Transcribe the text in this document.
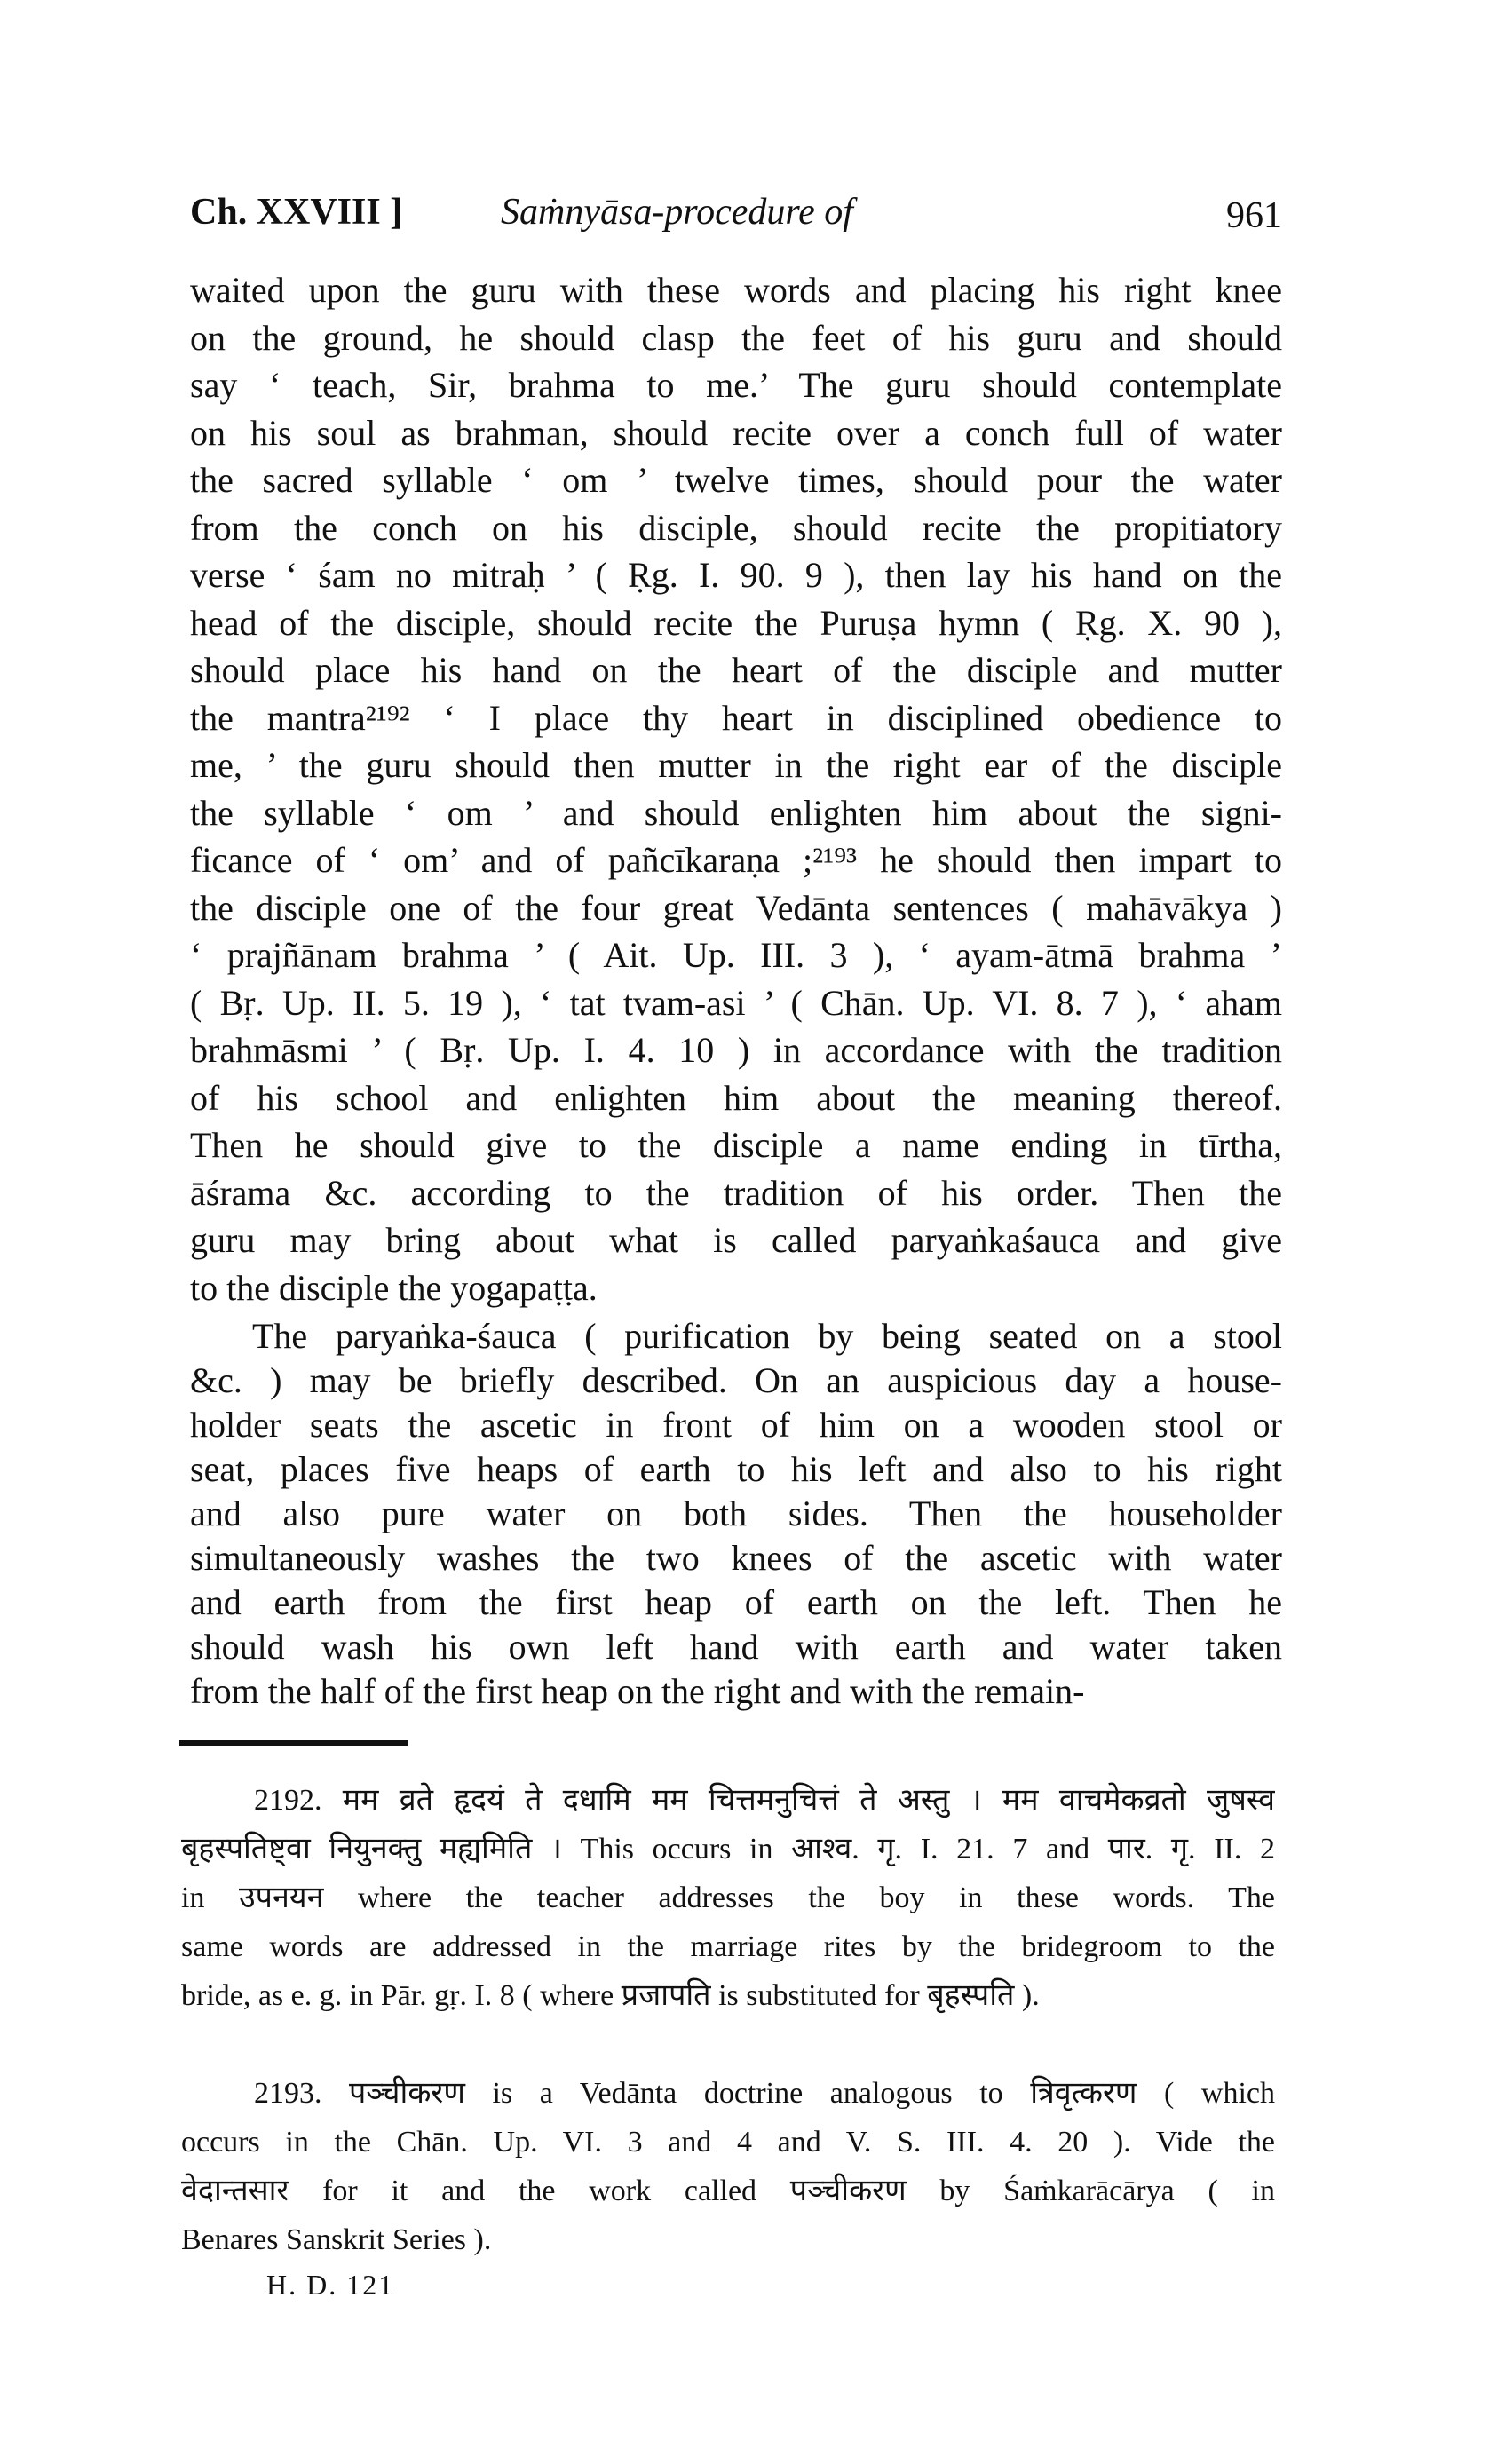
Ch. XXVIII ]	Saṁnyāsa-procedure of	961
waited upon the guru with these words and placing his right knee
on the ground, he should clasp the feet of his guru and should
say ‘ teach, Sir, brahma to me.’ The guru should contemplate
on his soul as brahman, should recite over a conch full of water
the sacred syllable ‘ om ’ twelve times, should pour the water
from the conch on his disciple, should recite the propitiatory
verse ‘ śam no mitraḥ ’ ( Ṛg. I. 90. 9 ), then lay his hand on the
head of the disciple, should recite the Puruṣa hymn ( Ṛg. X. 90 ),
should place his hand on the heart of the disciple and mutter
the mantra²¹⁹² ‘ I place thy heart in disciplined obedience to
me, ’ the guru should then mutter in the right ear of the disciple
the syllable ‘ om ’ and should enlighten him about the signi-
ficance of ‘ om’ and of pañcīkaraṇa ;²¹⁹³ he should then impart to
the disciple one of the four great Vedānta sentences ( mahāvākya )
‘ prajñānam brahma ’ ( Ait. Up. III. 3 ), ‘ ayam-ātmā brahma ’
( Bṛ. Up. II. 5. 19 ), ‘ tat tvam-asi ’ ( Chān. Up. VI. 8. 7 ), ‘ aham
brahmāsmi ’ ( Bṛ. Up. I. 4. 10 ) in accordance with the tradition
of his school and enlighten him about the meaning thereof.
Then he should give to the disciple a name ending in tīrtha,
āśrama &c. according to the tradition of his order. Then the
guru may bring about what is called paryaṅkaśauca and give
to the disciple the yogapaṭṭa.
The paryaṅka-śauca ( purification by being seated on a stool
&c. ) may be briefly described. On an auspicious day a house-
holder seats the ascetic in front of him on a wooden stool or
seat, places five heaps of earth to his left and also to his right
and also pure water on both sides. Then the householder
simultaneously washes the two knees of the ascetic with water
and earth from the first heap of earth on the left. Then he
should wash his own left hand with earth and water taken
from the half of the first heap on the right and with the remain-
2192. मम व्रते हृदयं ते दधामि मम चित्तमनुचित्तं ते अस्तु । मम वाचमेकव्रतो जुषस्व
बृहस्पतिष्ट्वा नियुनक्तु मह्यमिति । This occurs in आश्व. गृ. I. 21. 7 and पार. गृ. II. 2
in उपनयन where the teacher addresses the boy in these words. The
same words are addressed in the marriage rites by the bridegroom to the
bride, as e. g. in Pār. gṛ. I. 8 ( where प्रजापति is substituted for बृहस्पति ).
2193. पञ्चीकरण is a Vedānta doctrine analogous to त्रिवृत्करण ( which
occurs in the Chān. Up. VI. 3 and 4 and V. S. III. 4. 20 ). Vide the
वेदान्तसार for it and the work called पञ्चीकरण by Śaṁkarācārya ( in
Benares Sanskrit Series ).
H. D. 121
